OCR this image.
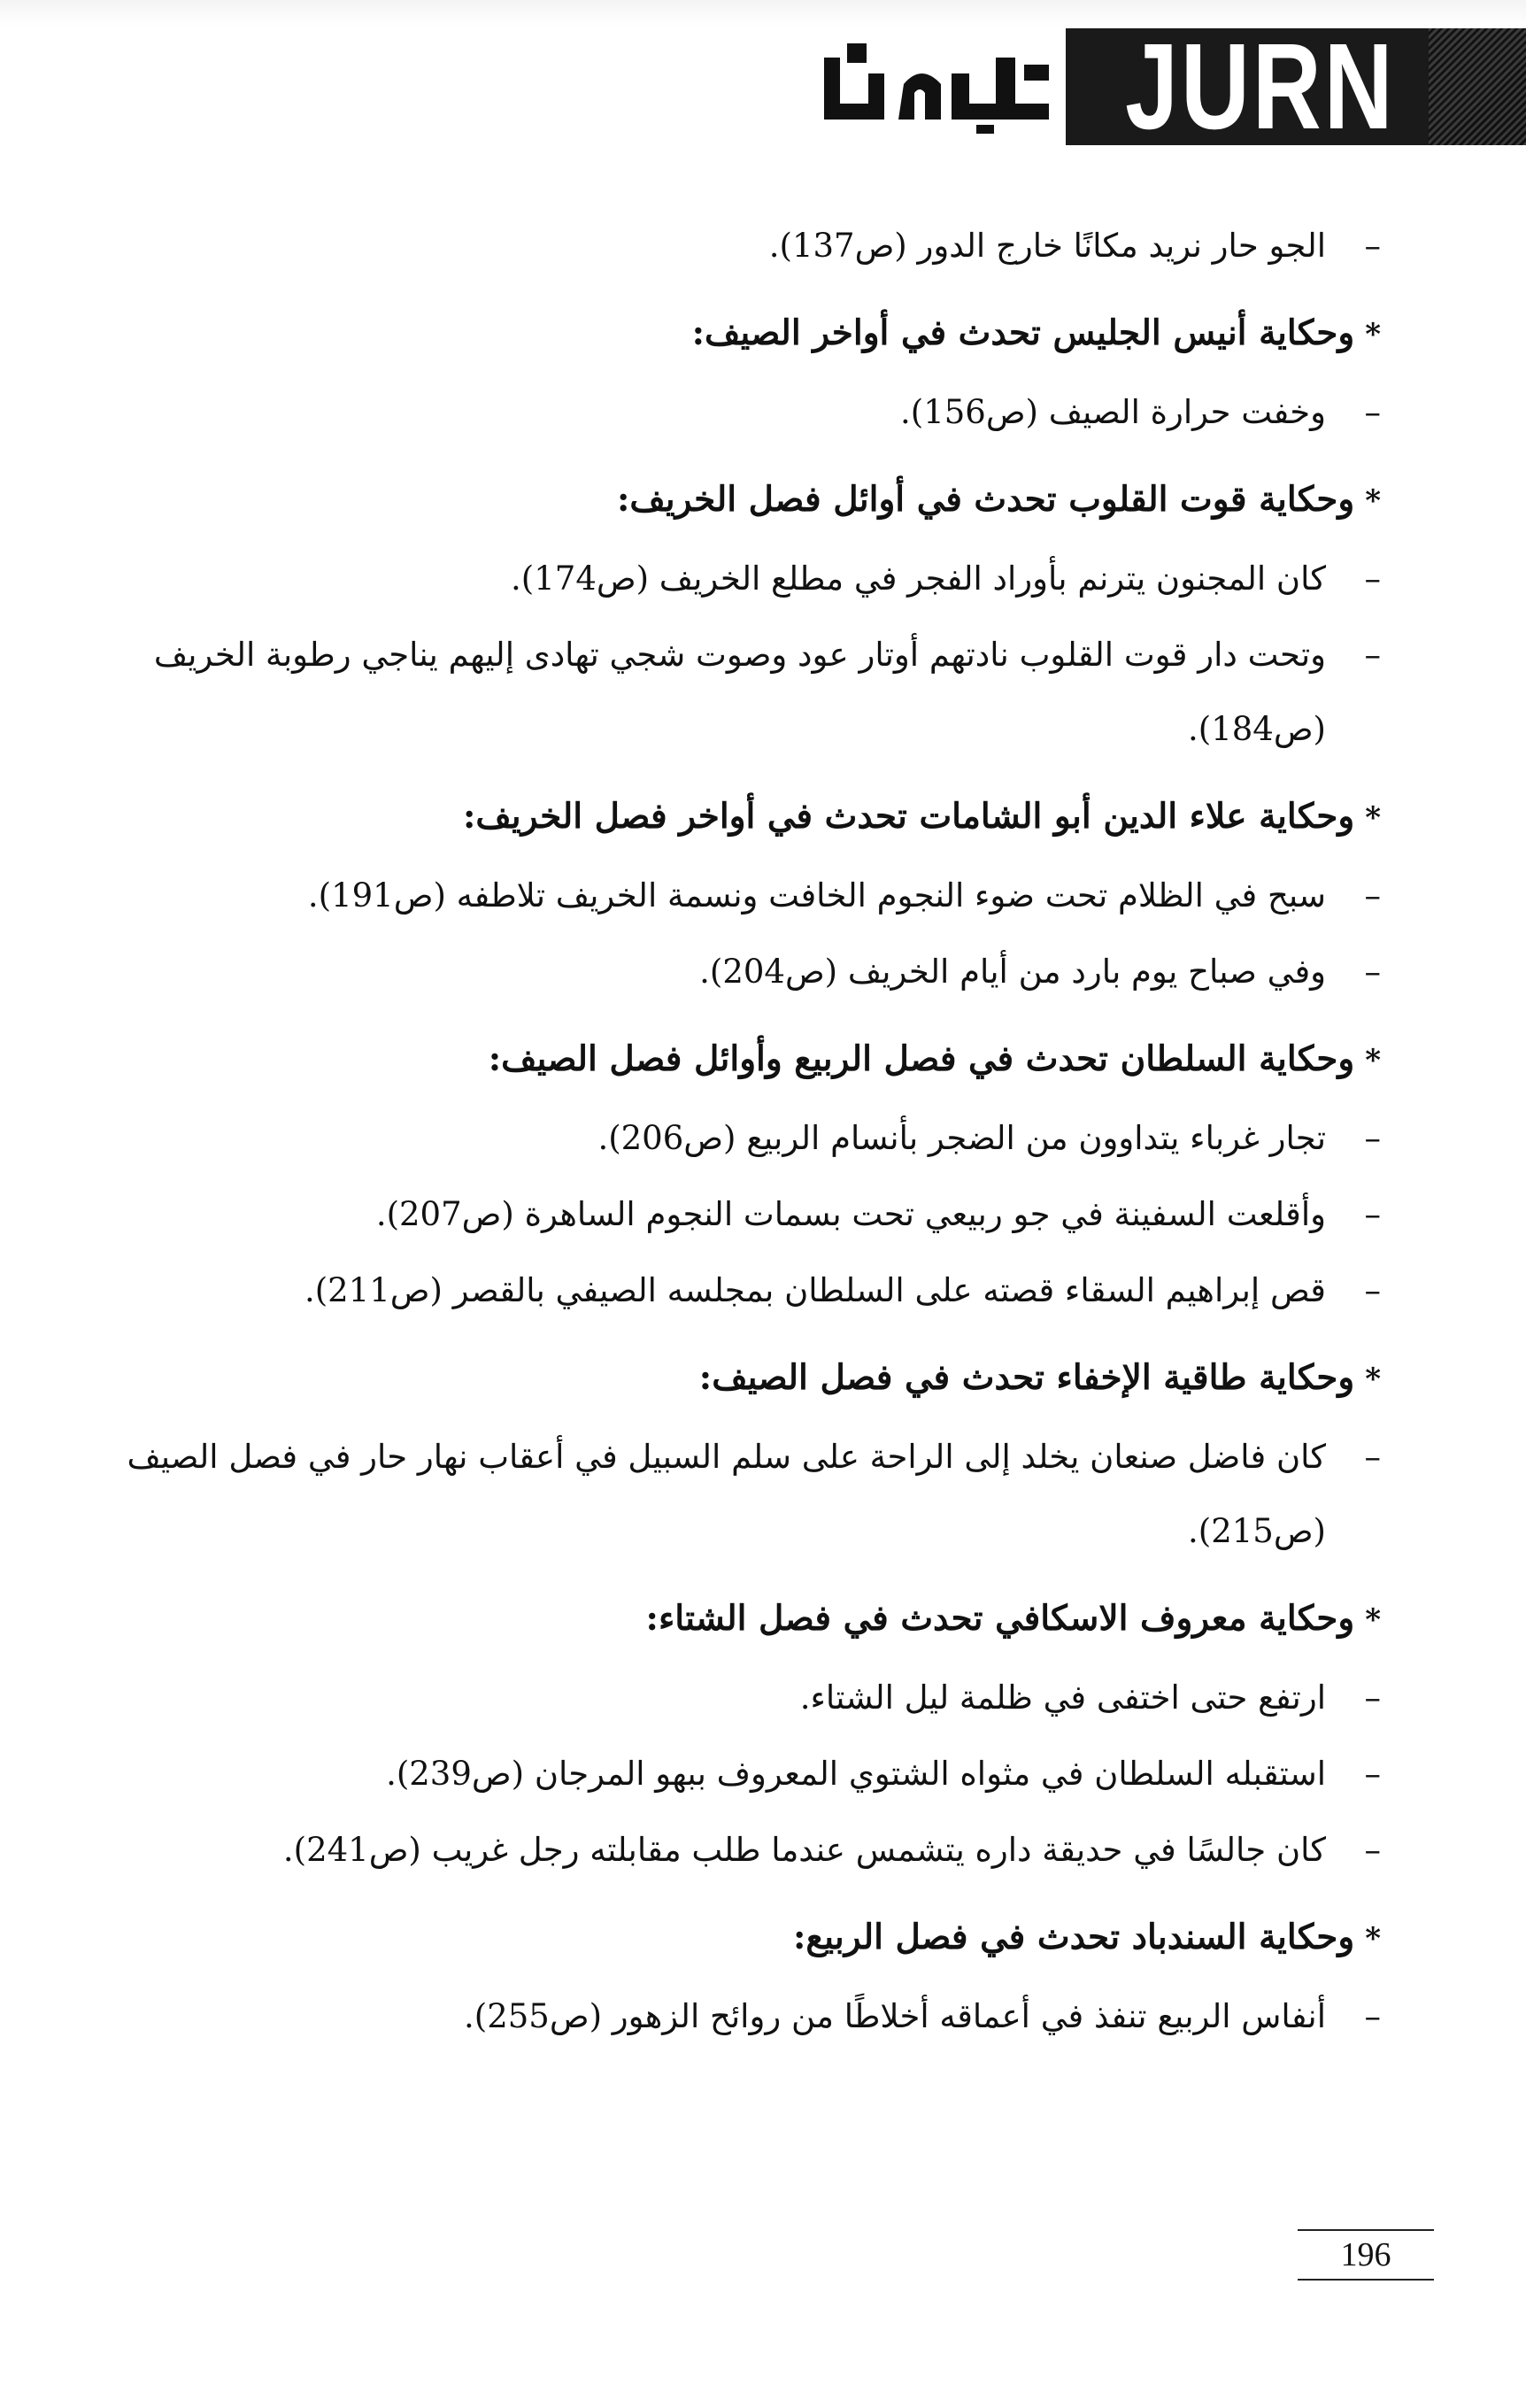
JURN
–
الجو حار نريد مكانًا خارج الدور (ص137).
*وحكاية أنيس الجليس تحدث في أواخر الصيف:
–
وخفت حرارة الصيف (ص156).
*وحكاية قوت القلوب تحدث في أوائل فصل الخريف:
–
كان المجنون يترنم بأوراد الفجر في مطلع الخريف (ص174).
–
وتحت دار قوت القلوب نادتهم أوتار عود وصوت شجي تهادى إليهم يناجي رطوبة الخريف (ص184).
*وحكاية علاء الدين أبو الشامات تحدث في أواخر فصل الخريف:
–
سبح في الظلام تحت ضوء النجوم الخافت ونسمة الخريف تلاطفه (ص191).
–
وفي صباح يوم بارد من أيام الخريف (ص204).
*وحكاية السلطان تحدث في فصل الربيع وأوائل فصل الصيف:
–
تجار غرباء يتداوون من الضجر بأنسام الربيع (ص206).
–
وأقلعت السفينة في جو ربيعي تحت بسمات النجوم الساهرة (ص207).
–
قص إبراهيم السقاء قصته على السلطان بمجلسه الصيفي بالقصر (ص211).
*وحكاية طاقية الإخفاء تحدث في فصل الصيف:
–
كان فاضل صنعان يخلد إلى الراحة على سلم السبيل في أعقاب نهار حار في فصل الصيف (ص215).
*وحكاية معروف الاسكافي تحدث في فصل الشتاء:
–
ارتفع حتى اختفى في ظلمة ليل الشتاء.
–
استقبله السلطان في مثواه الشتوي المعروف ببهو المرجان (ص239).
–
كان جالسًا في حديقة داره يتشمس عندما طلب مقابلته رجل غريب (ص241).
*وحكاية السندباد تحدث في فصل الربيع:
–
أنفاس الربيع تنفذ في أعماقه أخلاطًا من روائح الزهور (ص255).
196
